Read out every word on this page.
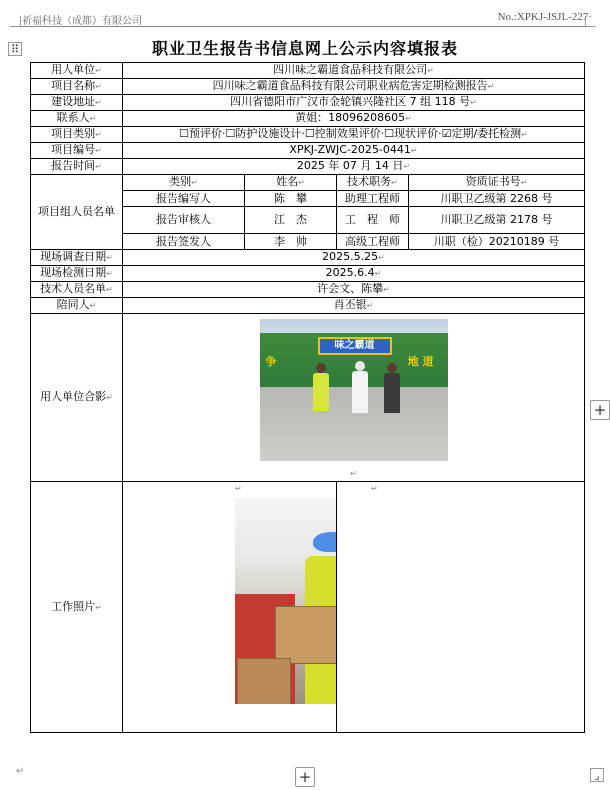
祈福科技（成都）有限公司	No.:XPKJ-JSJL-227·
⠿	职业卫生报告书信息网上公示内容填报表
用人单位↵	四川味之霸道食品科技有限公司↵			
项目名称↵	四川味之霸道食品科技有限公司职业病危害定期检测报告↵			
建设地址↵	四川省德阳市广汉市金轮镇兴隆社区 7 组 118 号↵			
联系人↵	黄姐：18096208605↵			
项目类别↵	☐预评价·☐防护设施设计·☐控制效果评价·☐现状评价·☑定期/委托检测↵			
项目编号↵	XPKJ-ZWJC-2025-0441↵			
报告时间↵	2025 年 07 月 14 日↵			
项目组人员名单	类别↵	姓名↵	技术职务↵	资质证书号↵
	报告编写人	陈　攀	助理工程师	川职卫乙级第 2268 号
	报告审核人	江　杰	工　程　师	川职卫乙级第 2178 号
	报告签发人	李　帅	高级工程师	川职（检）20210189 号
现场调查日期↵	2025.5.25↵			
现场检测日期↵	2025.6.4↵			
技术人员名单↵	许会文、陈攀↵			
陪同人↵	肖丕银↵			
用人单位合影↵	味之霸道
争 地 道
↵			
工作照片↵	↵		↵	
+
+	⌟
↵
